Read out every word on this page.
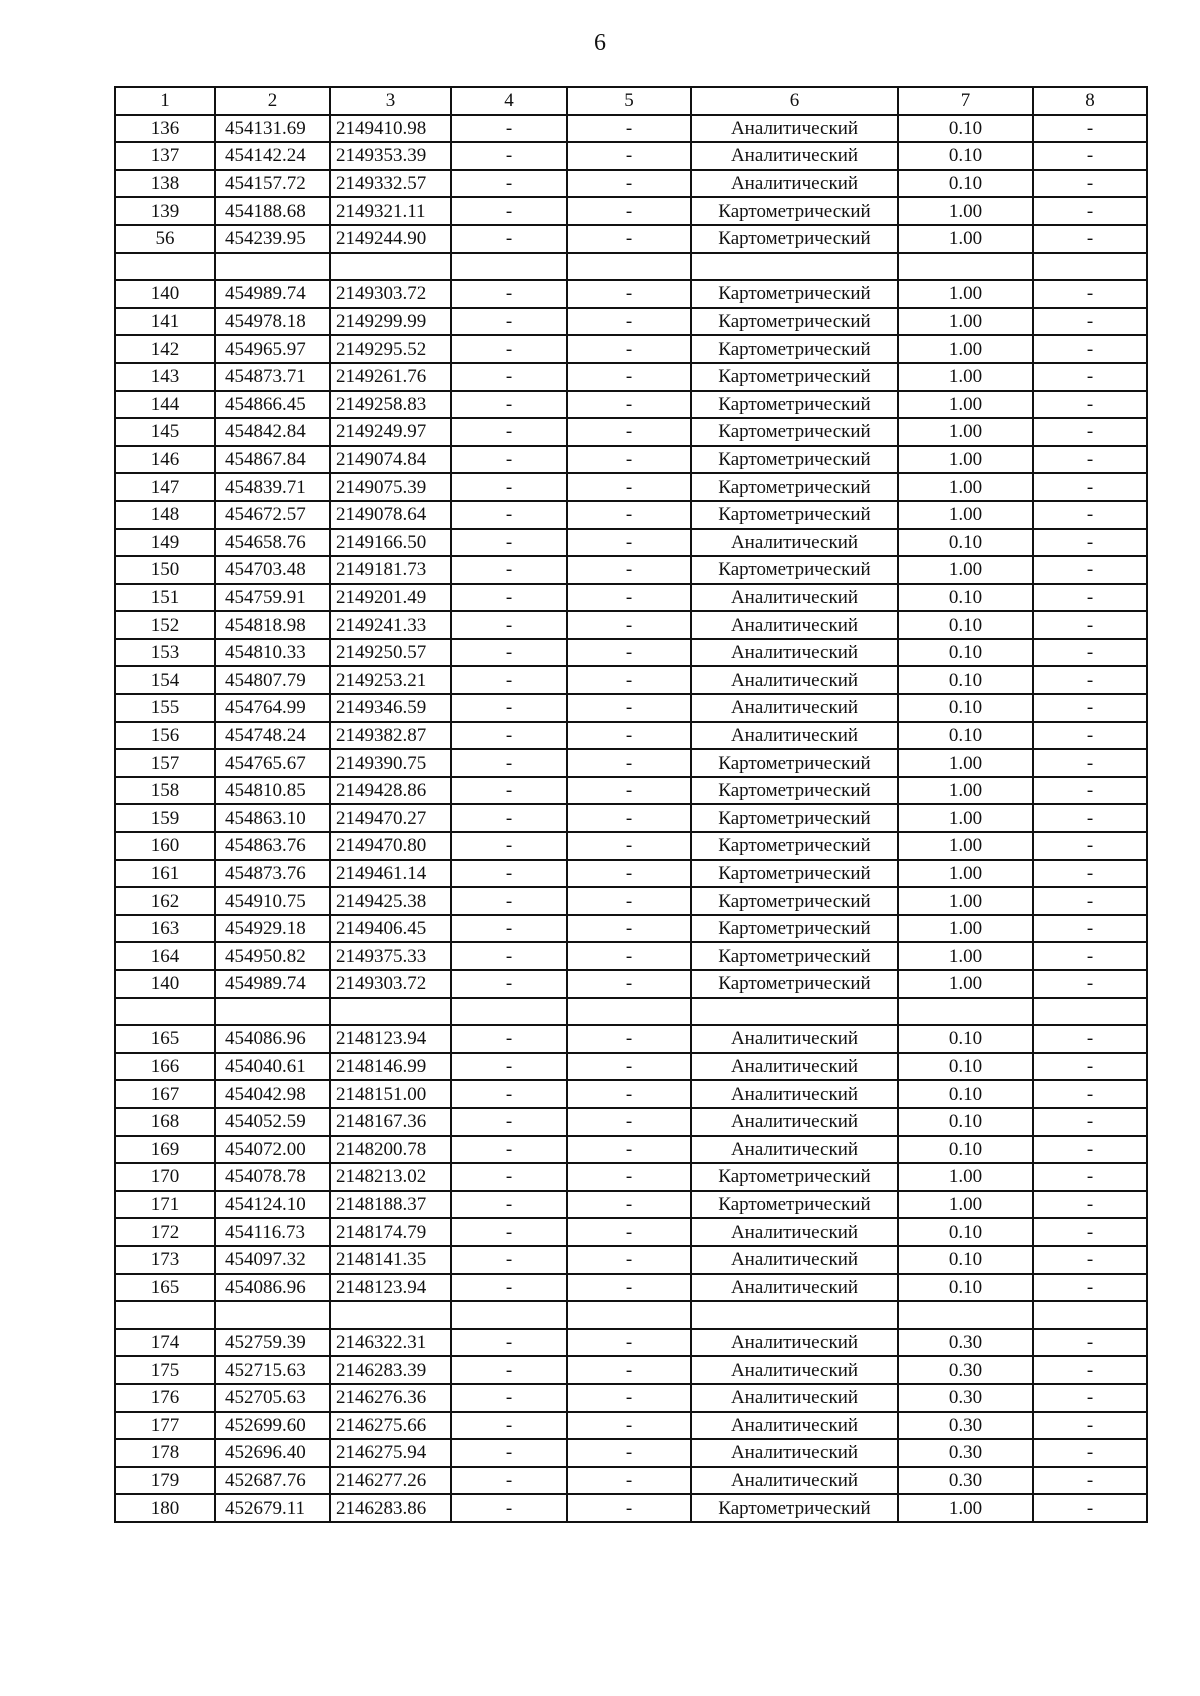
6
1	2	3	4	5	6	7	8
136	454131.69	2149410.98	-	-	Аналитический	0.10	-
137	454142.24	2149353.39	-	-	Аналитический	0.10	-
138	454157.72	2149332.57	-	-	Аналитический	0.10	-
139	454188.68	2149321.11	-	-	Картометрический	1.00	-
56	454239.95	2149244.90	-	-	Картометрический	1.00	-

140	454989.74	2149303.72	-	-	Картометрический	1.00	-
141	454978.18	2149299.99	-	-	Картометрический	1.00	-
142	454965.97	2149295.52	-	-	Картометрический	1.00	-
143	454873.71	2149261.76	-	-	Картометрический	1.00	-
144	454866.45	2149258.83	-	-	Картометрический	1.00	-
145	454842.84	2149249.97	-	-	Картометрический	1.00	-
146	454867.84	2149074.84	-	-	Картометрический	1.00	-
147	454839.71	2149075.39	-	-	Картометрический	1.00	-
148	454672.57	2149078.64	-	-	Картометрический	1.00	-
149	454658.76	2149166.50	-	-	Аналитический	0.10	-
150	454703.48	2149181.73	-	-	Картометрический	1.00	-
151	454759.91	2149201.49	-	-	Аналитический	0.10	-
152	454818.98	2149241.33	-	-	Аналитический	0.10	-
153	454810.33	2149250.57	-	-	Аналитический	0.10	-
154	454807.79	2149253.21	-	-	Аналитический	0.10	-
155	454764.99	2149346.59	-	-	Аналитический	0.10	-
156	454748.24	2149382.87	-	-	Аналитический	0.10	-
157	454765.67	2149390.75	-	-	Картометрический	1.00	-
158	454810.85	2149428.86	-	-	Картометрический	1.00	-
159	454863.10	2149470.27	-	-	Картометрический	1.00	-
160	454863.76	2149470.80	-	-	Картометрический	1.00	-
161	454873.76	2149461.14	-	-	Картометрический	1.00	-
162	454910.75	2149425.38	-	-	Картометрический	1.00	-
163	454929.18	2149406.45	-	-	Картометрический	1.00	-
164	454950.82	2149375.33	-	-	Картометрический	1.00	-
140	454989.74	2149303.72	-	-	Картометрический	1.00	-

165	454086.96	2148123.94	-	-	Аналитический	0.10	-
166	454040.61	2148146.99	-	-	Аналитический	0.10	-
167	454042.98	2148151.00	-	-	Аналитический	0.10	-
168	454052.59	2148167.36	-	-	Аналитический	0.10	-
169	454072.00	2148200.78	-	-	Аналитический	0.10	-
170	454078.78	2148213.02	-	-	Картометрический	1.00	-
171	454124.10	2148188.37	-	-	Картометрический	1.00	-
172	454116.73	2148174.79	-	-	Аналитический	0.10	-
173	454097.32	2148141.35	-	-	Аналитический	0.10	-
165	454086.96	2148123.94	-	-	Аналитический	0.10	-

174	452759.39	2146322.31	-	-	Аналитический	0.30	-
175	452715.63	2146283.39	-	-	Аналитический	0.30	-
176	452705.63	2146276.36	-	-	Аналитический	0.30	-
177	452699.60	2146275.66	-	-	Аналитический	0.30	-
178	452696.40	2146275.94	-	-	Аналитический	0.30	-
179	452687.76	2146277.26	-	-	Аналитический	0.30	-
180	452679.11	2146283.86	-	-	Картометрический	1.00	-
